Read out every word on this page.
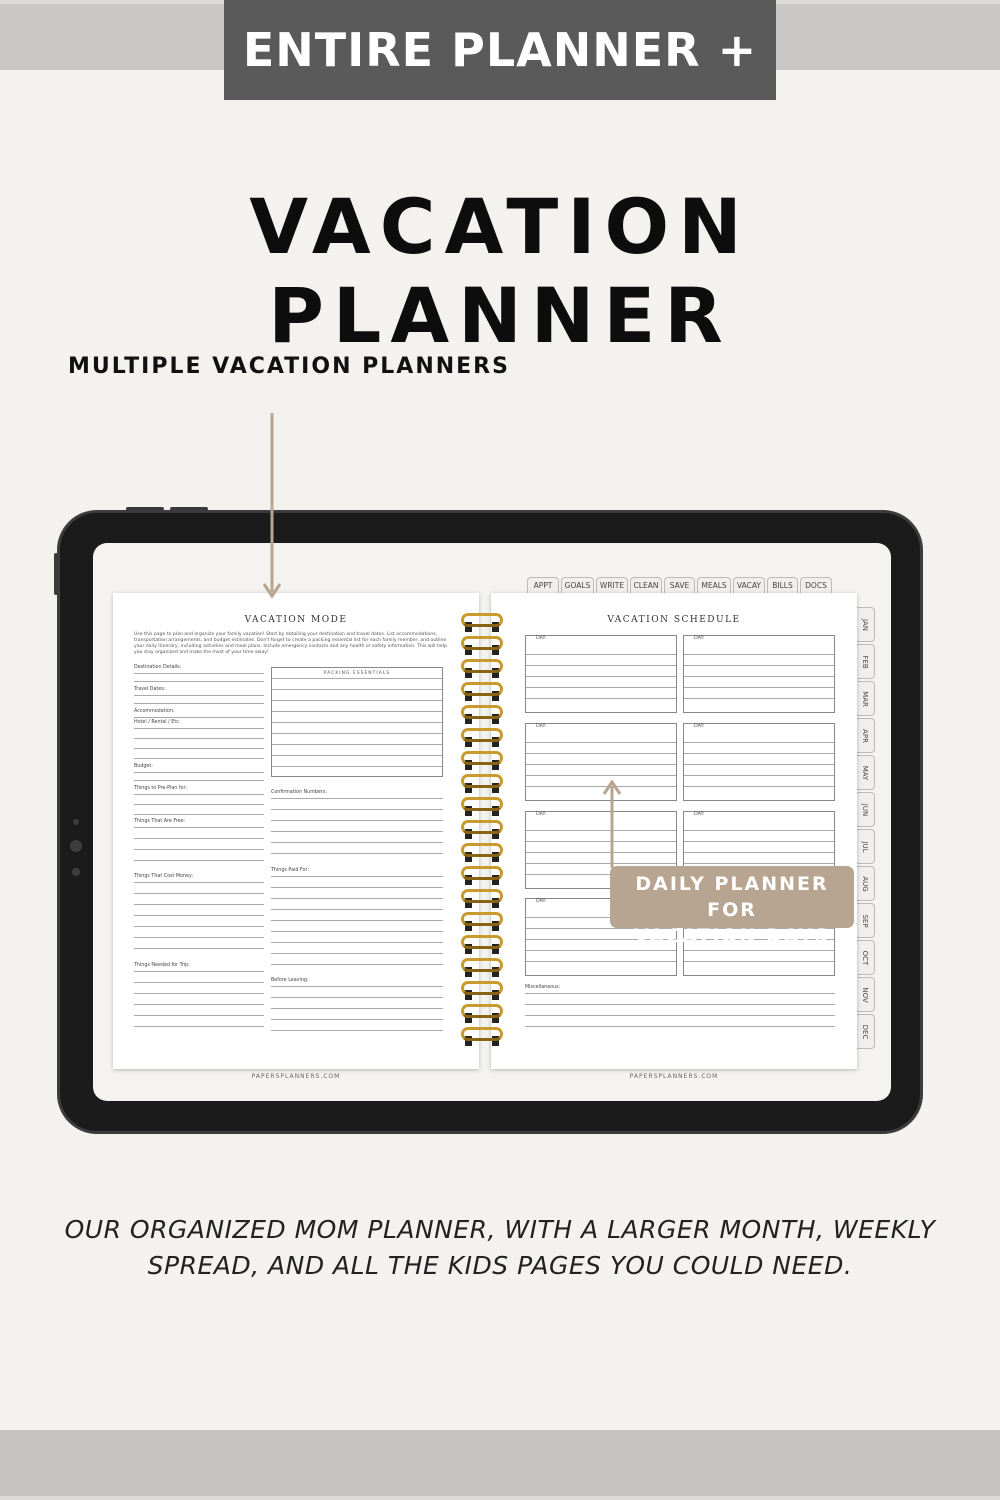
ENTIRE PLANNER +
VACATION PLANNER
MULTIPLE VACATION PLANNERS
APPT	GOALS	WRITE	CLEAN	SAVE	MEALS	VACAY	BILLS	DOCS
JAN
FEB
MAR
APR
MAY
JUN
JUL
AUG
SEP
OCT
NOV
DEC
VACATION MODE
Use this page to plan and organize your family vacation! Start by detailing your destination and travel dates. List accommodations, transportation arrangements, and budget estimates. Don't forget to create a packing essential list for each family member, and outline your daily itinerary, including activities and meal plans. Include emergency contacts and any health or safety information. This will help you stay organized and make the most of your time away!
Destination Details:
Travel Dates:
Accommodation:
Hotel / Rental / Etc.
Budget:
Things to Pre-Plan for:
Things That Are Free:
Things That Cost Money:
Things Needed for Trip:
PACKING ESSENTIALS
Confirmation Numbers:
Things Paid For:
Before Leaving:
PAPERSPLANNERS.COM
VACATION SCHEDULE
DAY:	DAY:
DAY:	DAY:
DAY:	DAY:
DAY:
Miscellaneous:
PAPERSPLANNERS.COM
DAILY PLANNER FOR
VACATION DAYS
OUR ORGANIZED MOM PLANNER, WITH A LARGER MONTH, WEEKLY SPREAD, AND ALL THE KIDS PAGES YOU COULD NEED.
